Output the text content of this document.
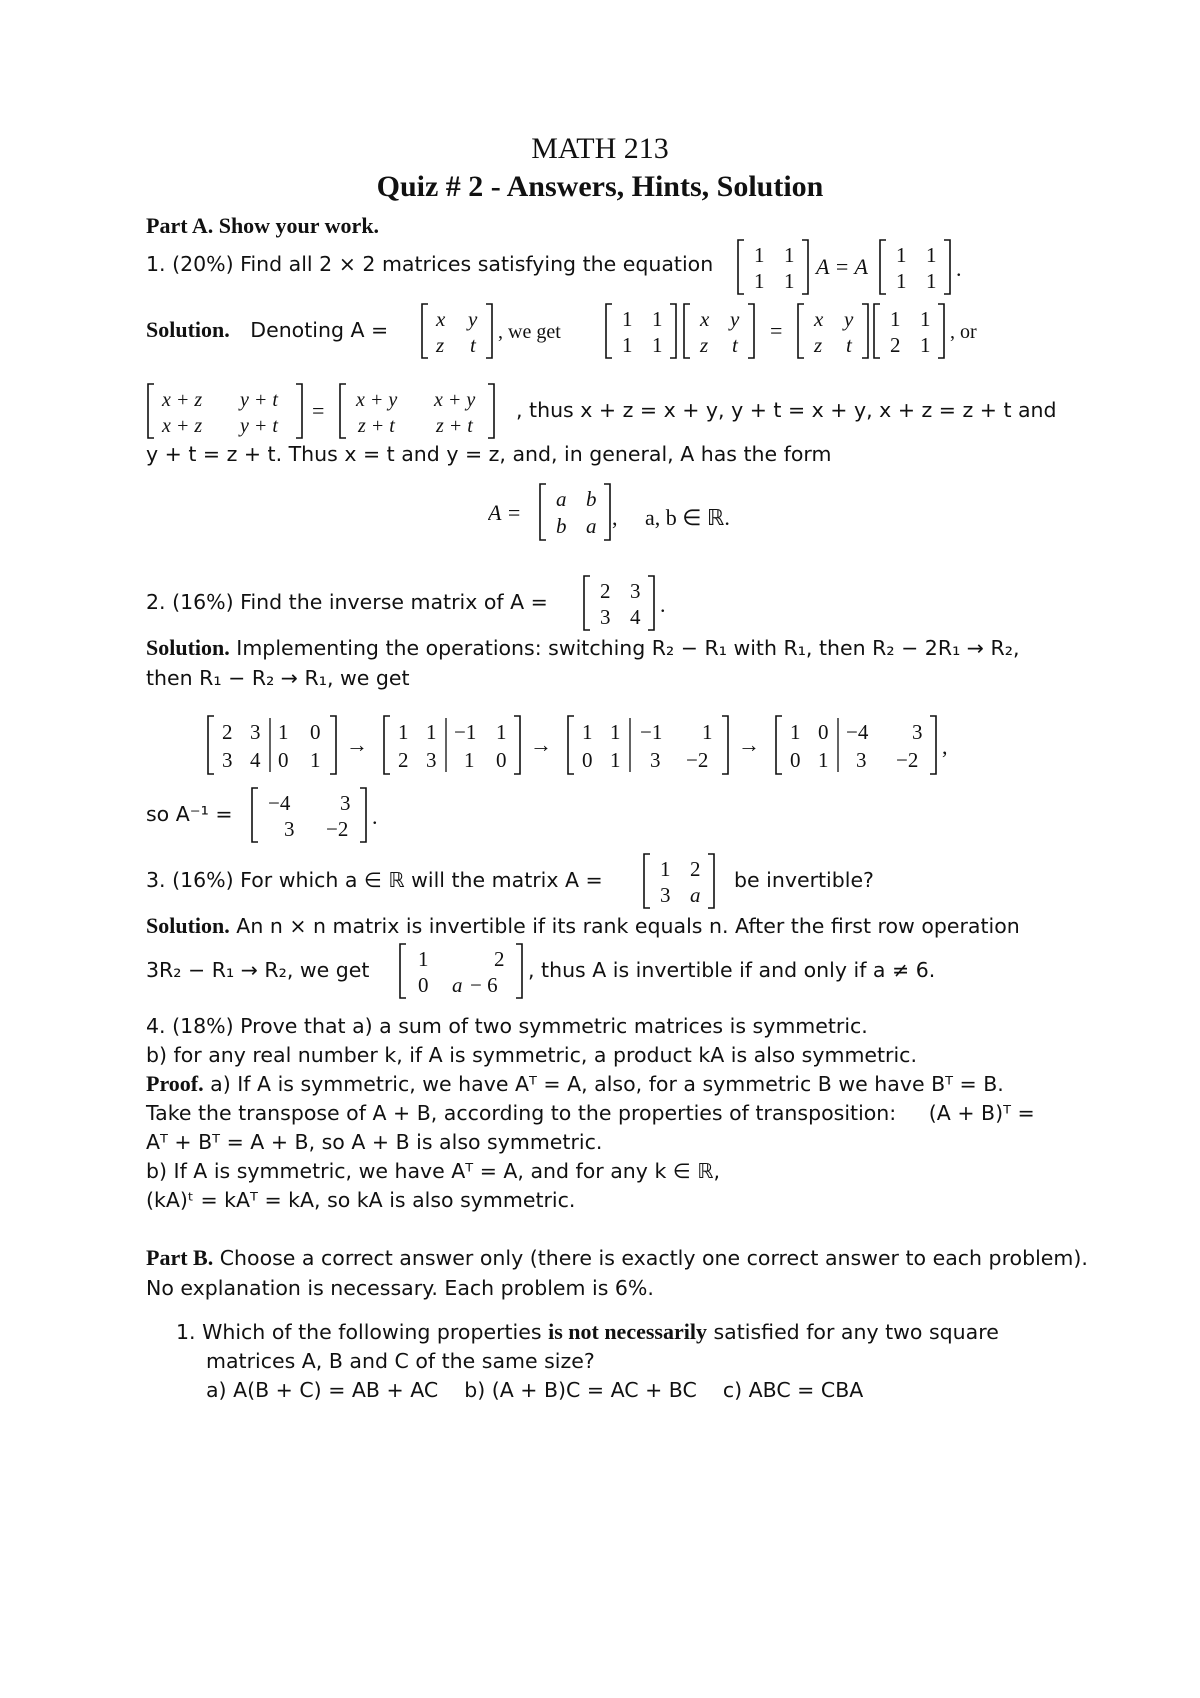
MATH 213
Quiz # 2 - Answers, Hints, Solution
Part A. Show your work.
1. (20%) Find all 2 × 2 matrices satisfying the equation 1 1
1 1
A = A 1 1
1 1 .
Solution. Denoting A = x y
z t
, we get
1 1
1 1
x y
z t
= x y
z t
1 1
2 1
, or
x + z y + t
x + z y + t
= x + y x + y
z + t z + t
, thus x + z = x + y, y + t = x + y, x + z = z + t and
y + t = z + t. Thus x = t and y = z, and, in general, A has the form
A =
a b
b a ,     a, b ∈ ℝ.
2. (16%) Find the inverse matrix of A = 2 3
3 4 .
Solution. Implementing the operations: switching R₂ − R₁ with R₁, then R₂ − 2R₁ → R₂,
then R₁ − R₂ → R₁, we get
2 3 1 0
3 4 0 1
→ 1 1 −1 1
2 3 1 0
→ 1 1 −1 1
0 1 3 −2
→ 1 0 −4 3
0 1 3 −2
,
so A⁻¹ = −4 3
3 −2 .
3. (16%) For which a ∈ ℝ will the matrix A =	1 2
3 a
be invertible?
Solution. An n × n matrix is invertible if its rank equals n. After the first row operation
3R₂ − R₁ → R₂, we get 1	2
0 a − 6
, thus A is invertible if and only if a ≠ 6.
4. (18%) Prove that a) a sum of two symmetric matrices is symmetric.
b) for any real number k, if A is symmetric, a product kA is also symmetric.
Proof. a) If A is symmetric, we have Aᵀ = A, also, for a symmetric B we have Bᵀ = B.
Take the transpose of A + B, according to the properties of transposition:     (A + B)ᵀ =
Aᵀ + Bᵀ = A + B, so A + B is also symmetric.
b) If A is symmetric, we have Aᵀ = A, and for any k ∈ ℝ,
(kA)ᵗ = kAᵀ = kA, so kA is also symmetric.
Part B. Choose a correct answer only (there is exactly one correct answer to each problem).
No explanation is necessary. Each problem is 6%.
1. Which of the following properties is not necessarily satisfied for any two square
matrices A, B and C of the same size?
a) A(B + C) = AB + AC    b) (A + B)C = AC + BC    c) ABC = CBA
